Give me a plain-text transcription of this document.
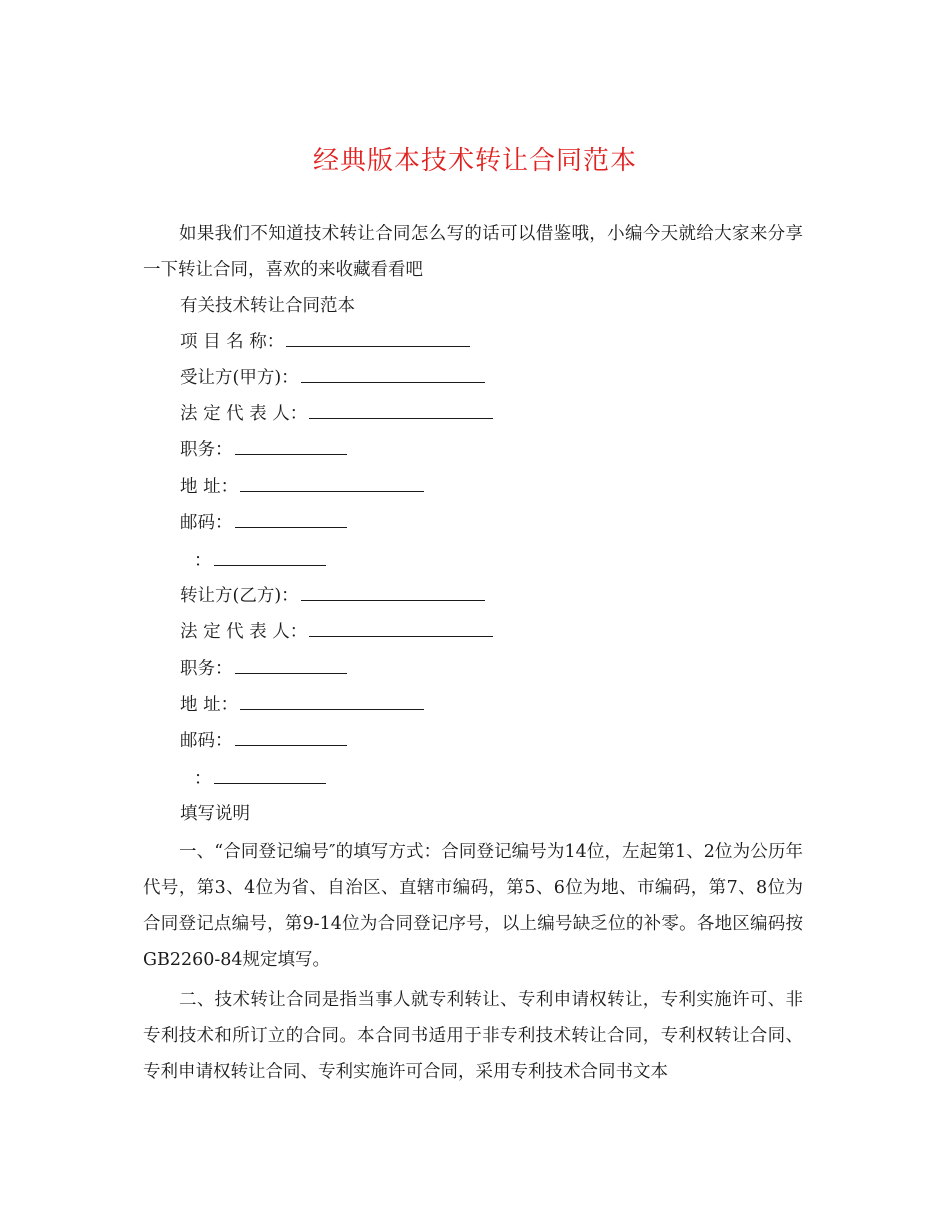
经典版本技术转让合同范本

如果我们不知道技术转让合同怎么写的话可以借鉴哦，小编今天就给大家来分享一下转让合同，喜欢的来收藏看看吧

有关技术转让合同范本
项 目 名 称：
受让方(甲方)：
法 定 代 表 人：
职务：
地 址：
邮码：
：
转让方(乙方)：
法 定 代 表 人：
职务：
地 址：
邮码：
：
填写说明

一、“合同登记编号″的填写方式：合同登记编号为14位，左起第1、2位为公历年代号，第3、4位为省、自治区、直辖市编码，第5、6位为地、市编码，第7、8位为合同登记点编号，第9-14位为合同登记序号，以上编号缺乏位的补零。各地区编码按GB2260-84规定填写。

二、技术转让合同是指当事人就专利转让、专利申请权转让，专利实施许可、非专利技术和所订立的合同。本合同书适用于非专利技术转让合同，专利权转让合同、专利申请权转让合同、专利实施许可合同，采用专利技术合同书文本
